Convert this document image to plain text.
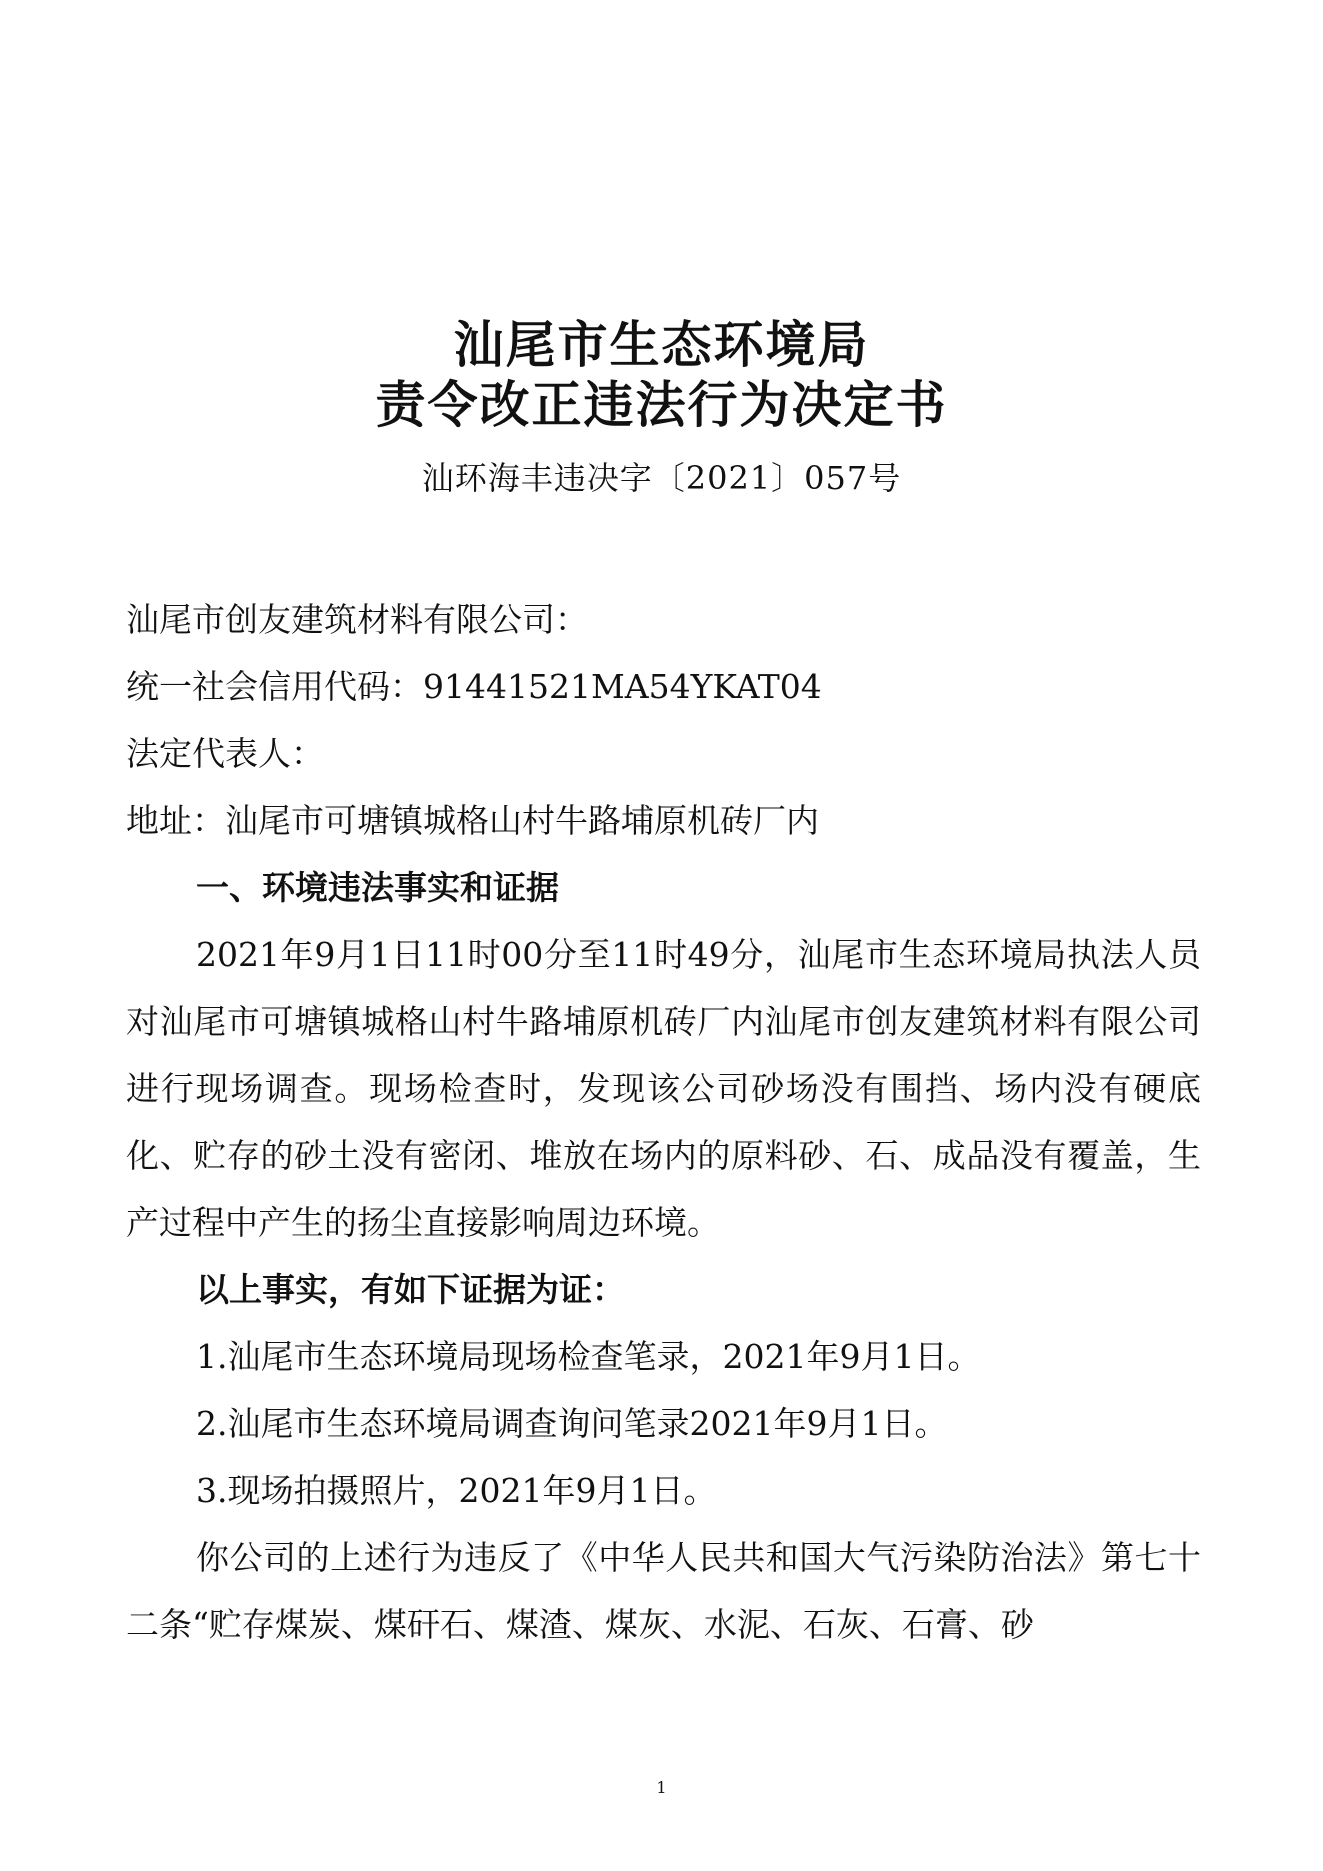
汕尾市生态环境局
责令改正违法行为决定书
汕环海丰违决字〔2021〕057号

汕尾市创友建筑材料有限公司：

统一社会信用代码：91441521MA54YKAT04

法定代表人：

地址：汕尾市可塘镇城格山村牛路埔原机砖厂内

一、环境违法事实和证据

2021年9月1日11时00分至11时49分，汕尾市生态环境局执法人员对汕尾市可塘镇城格山村牛路埔原机砖厂内汕尾市创友建筑材料有限公司进行现场调查。现场检查时，发现该公司砂场没有围挡、场内没有硬底化、贮存的砂土没有密闭、堆放在场内的原料砂、石、成品没有覆盖，生产过程中产生的扬尘直接影响周边环境。

以上事实，有如下证据为证：

1.汕尾市生态环境局现场检查笔录，2021年9月1日。

2.汕尾市生态环境局调查询问笔录2021年9月1日。

3.现场拍摄照片，2021年9月1日。

你公司的上述行为违反了《中华人民共和国大气污染防治法》第七十二条“贮存煤炭、煤矸石、煤渣、煤灰、水泥、石灰、石膏、砂

1
